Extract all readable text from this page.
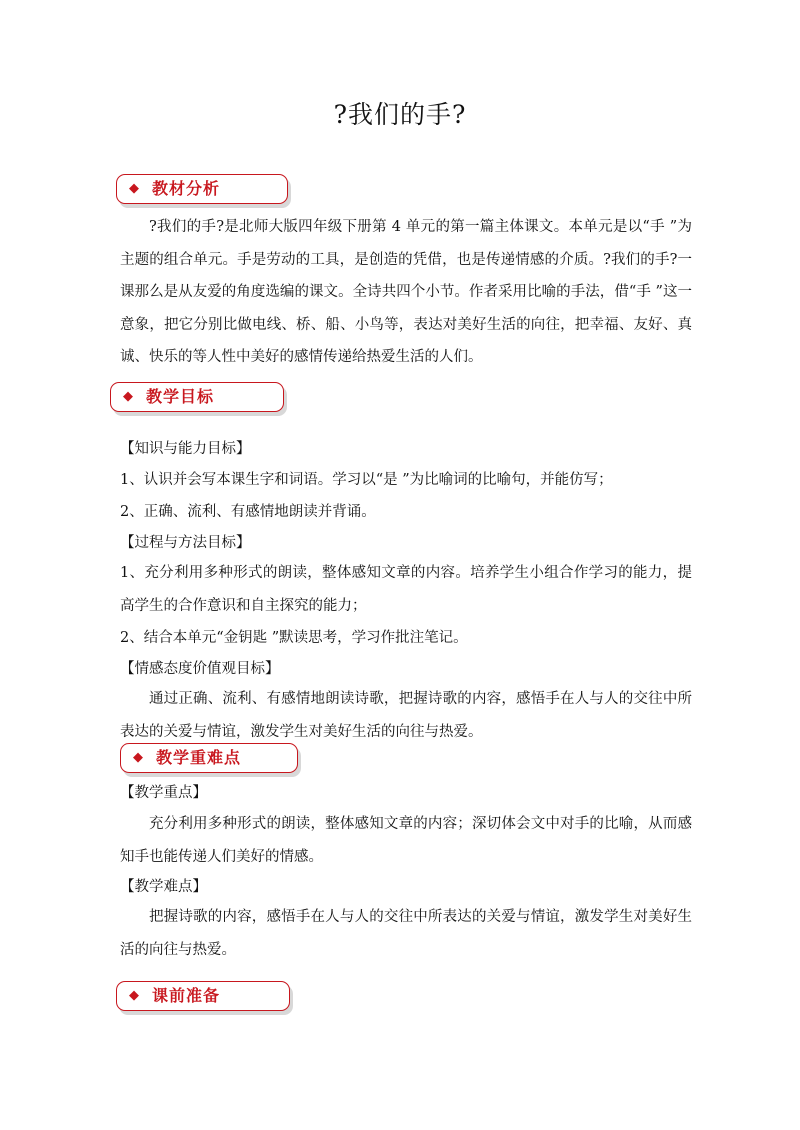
?我们的手?
◆ 教材分析

?我们的手?是北师大版四年级下册第 4 单元的第一篇主体课文。本单元是以“手 ”为主题的组合单元。手是劳动的工具，是创造的凭借，也是传递情感的介质。?我们的手?一课那么是从友爱的角度选编的课文。全诗共四个小节。作者采用比喻的手法，借“手 ”这一意象，把它分别比做电线、桥、船、小鸟等，表达对美好生活的向往，把幸福、友好、真诚、快乐的等人性中美好的感情传递给热爱生活的人们。

◆ 教学目标

【知识与能力目标】

1、认识并会写本课生字和词语。学习以“是 ”为比喻词的比喻句，并能仿写；

2、正确、流利、有感情地朗读并背诵。

【过程与方法目标】

1、充分利用多种形式的朗读，整体感知文章的内容。培养学生小组合作学习的能力，提高学生的合作意识和自主探究的能力；

2、结合本单元“金钥匙 ”默读思考，学习作批注笔记。

【情感态度价值观目标】

通过正确、流利、有感情地朗读诗歌，把握诗歌的内容，感悟手在人与人的交往中所表达的关爱与情谊，激发学生对美好生活的向往与热爱。

◆ 教学重难点

【教学重点】

充分利用多种形式的朗读，整体感知文章的内容；深切体会文中对手的比喻，从而感知手也能传递人们美好的情感。

【教学难点】

把握诗歌的内容，感悟手在人与人的交往中所表达的关爱与情谊，激发学生对美好生活的向往与热爱。

◆ 课前准备
